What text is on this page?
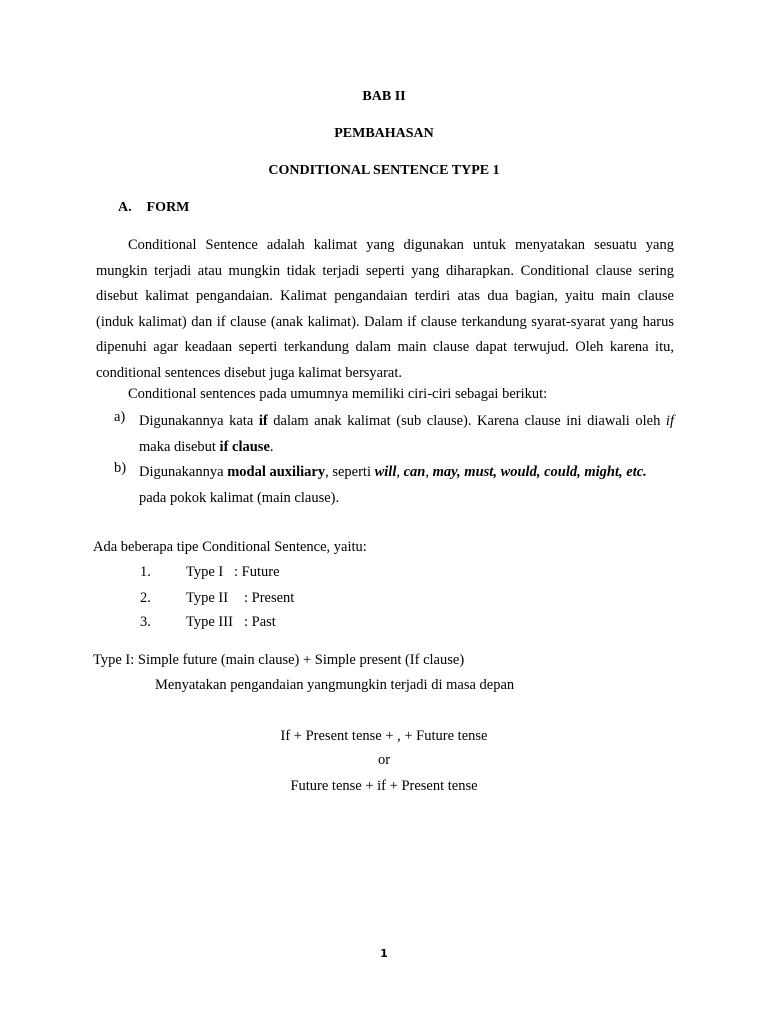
BAB II
PEMBAHASAN
CONDITIONAL SENTENCE TYPE 1
A. FORM
Conditional Sentence adalah kalimat yang digunakan untuk menyatakan sesuatu yang mungkin terjadi atau mungkin tidak terjadi seperti yang diharapkan. Conditional clause sering disebut kalimat pengandaian. Kalimat pengandaian terdiri atas dua bagian, yaitu main clause (induk kalimat) dan if clause (anak kalimat). Dalam if clause terkandung syarat-syarat yang harus dipenuhi agar keadaan seperti terkandung dalam main clause dapat terwujud. Oleh karena itu, conditional sentences disebut juga kalimat bersyarat.
Conditional sentences pada umumnya memiliki ciri-ciri sebagai berikut:
a) Digunakannya kata if dalam anak kalimat (sub clause). Karena clause ini diawali oleh if maka disebut if clause.
b) Digunakannya modal auxiliary, seperti will, can, may, must, would, could, might, etc. pada pokok kalimat (main clause).
Ada beberapa tipe Conditional Sentence, yaitu:
1. Type I : Future
2. Type II : Present
3. Type III : Past
Type I: Simple future (main clause) + Simple present (If clause)
Menyatakan pengandaian yangmungkin terjadi di masa depan
If + Present tense + , + Future tense
or
Future tense + if + Present tense
1
